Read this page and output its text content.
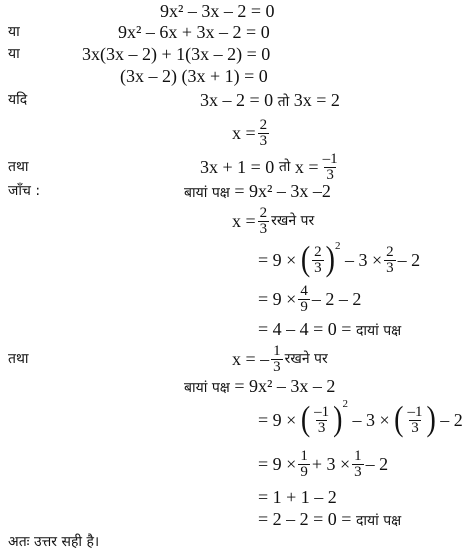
9x² – 3x – 2 = 0
या	9x² – 6x + 3x – 2 = 0
या	3x(3x – 2) + 1(3x – 2) = 0
(3x – 2) (3x + 1) = 0
यदि	3x – 2 = 0 तो 3x = 2
$x = \frac{2}{3}$
तथा	3x + 1 = 0
तो
$x = \frac{-1}{3}$
जाँच :	बायां पक्ष = 9x² – 3x –2
$x = \frac{2}{3}$ रखने पर
= 9 ×
( $\frac{2}{3}$ ) 2

– $3 \times \frac{2}{3} - 2$
= $9 \times \frac{4}{9} - 2 - 2$
= 4 – 4 = 0 = दायां पक्ष
तथा	x = – $\frac{1}{3}$ रखने पर
बायां पक्ष = 9x² – 3x – 2
= 9 ×
( $\frac{-1}{3}$ ) 2

– 3 ×
( $\frac{-1}{3}$ )
– 2
= $9 \times \frac{1}{9} + 3 \times \frac{1}{3} - 2$
= 1 + 1 – 2
= 2 – 2 = 0 = दायां पक्ष
अतः उत्तर सही है।
